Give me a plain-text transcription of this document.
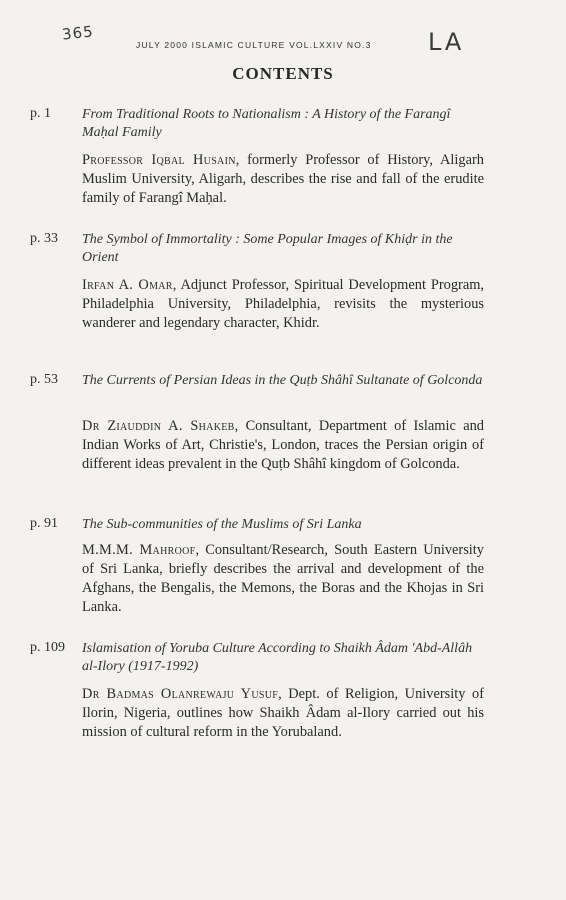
365
JULY 2000 ISLAMIC CULTURE VOL.LXXIV NO.3 LA
CONTENTS
p. 1 From Traditional Roots to Nationalism : A History of the Farangî Maḥal Family
Professor Iqbal Husain, formerly Professor of History, Aligarh Muslim University, Aligarh, describes the rise and fall of the erudite family of Farangî Maḥal.
p. 33 The Symbol of Immortality : Some Popular Images of Khiḍr in the Orient
Irfan A. Omar, Adjunct Professor, Spiritual Development Program, Philadelphia University, Philadelphia, revisits the mysterious wanderer and legendary character, Khidr.
p. 53 The Currents of Persian Ideas in the Quṭb Shâhî Sultanate of Golconda
Dr Ziauddin A. Shakeb, Consultant, Department of Islamic and Indian Works of Art, Christie's, London, traces the Persian origin of different ideas prevalent in the Quṭb Shâhî kingdom of Golconda.
p. 91 The Sub-communities of the Muslims of Sri Lanka
M.M.M. Mahroof, Consultant/Research, South Eastern University of Sri Lanka, briefly describes the arrival and development of the Afghans, the Bengalis, the Memons, the Boras and the Khojas in Sri Lanka.
p. 109 Islamisation of Yoruba Culture According to Shaikh Âdam 'Abd-Allâh al-Ilory (1917-1992)
Dr Badmas Olanrewaju Yusuf, Dept. of Religion, University of Ilorin, Nigeria, outlines how Shaikh Âdam al-Ilory carried out his mission of cultural reform in the Yorubaland.
